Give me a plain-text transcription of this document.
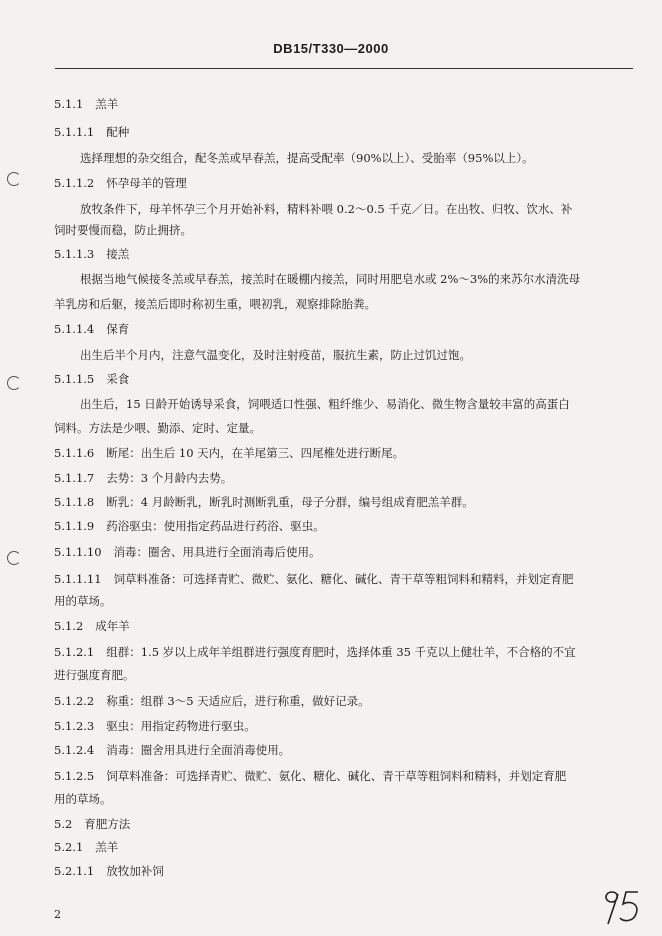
DB15/T330—2000
5.1.1 羔羊
5.1.1.1 配种
选择理想的杂交组合，配冬羔或早春羔，提高受配率（90%以上）、受胎率（95%以上）。
5.1.1.2 怀孕母羊的管理
放牧条件下，母羊怀孕三个月开始补料，精料补喂 0.2～0.5 千克／日。在出牧、归牧、饮水、补
饲时要慢而稳，防止拥挤。
5.1.1.3 接羔
根据当地气候接冬羔或早春羔，接羔时在暖棚内接羔，同时用肥皂水或 2%～3%的来苏尔水清洗母
羊乳房和后躯，接羔后即时称初生重，喂初乳，观察排除胎粪。
5.1.1.4 保育
出生后半个月内，注意气温变化，及时注射疫苗，服抗生素，防止过饥过饱。
5.1.1.5 采食
出生后，15 日龄开始诱导采食，饲喂适口性强、粗纤维少、易消化、微生物含量较丰富的高蛋白
饲料。方法是少喂、勤添、定时、定量。
5.1.1.6 断尾：出生后 10 天内，在羊尾第三、四尾椎处进行断尾。
5.1.1.7 去势：3 个月龄内去势。
5.1.1.8 断乳：4 月龄断乳，断乳时测断乳重，母子分群，编号组成育肥羔羊群。
5.1.1.9 药浴驱虫：使用指定药品进行药浴、驱虫。
5.1.1.10 消毒：圈舍、用具进行全面消毒后使用。
5.1.1.11 饲草料准备：可选择青贮、微贮、氨化、糖化、碱化、青干草等粗饲料和精料，并划定育肥
用的草场。
5.1.2 成年羊
5.1.2.1 组群：1.5 岁以上成年羊组群进行强度育肥时，选择体重 35 千克以上健壮羊，不合格的不宜
进行强度育肥。
5.1.2.2 称重：组群 3～5 天适应后，进行称重，做好记录。
5.1.2.3 驱虫：用指定药物进行驱虫。
5.1.2.4 消毒：圈舍用具进行全面消毒使用。
5.1.2.5 饲草料准备：可选择青贮、微贮、氨化、糖化、碱化、青干草等粗饲料和精料，并划定育肥
用的草场。
5.2 育肥方法
5.2.1 羔羊
5.2.1.1 放牧加补饲
2
